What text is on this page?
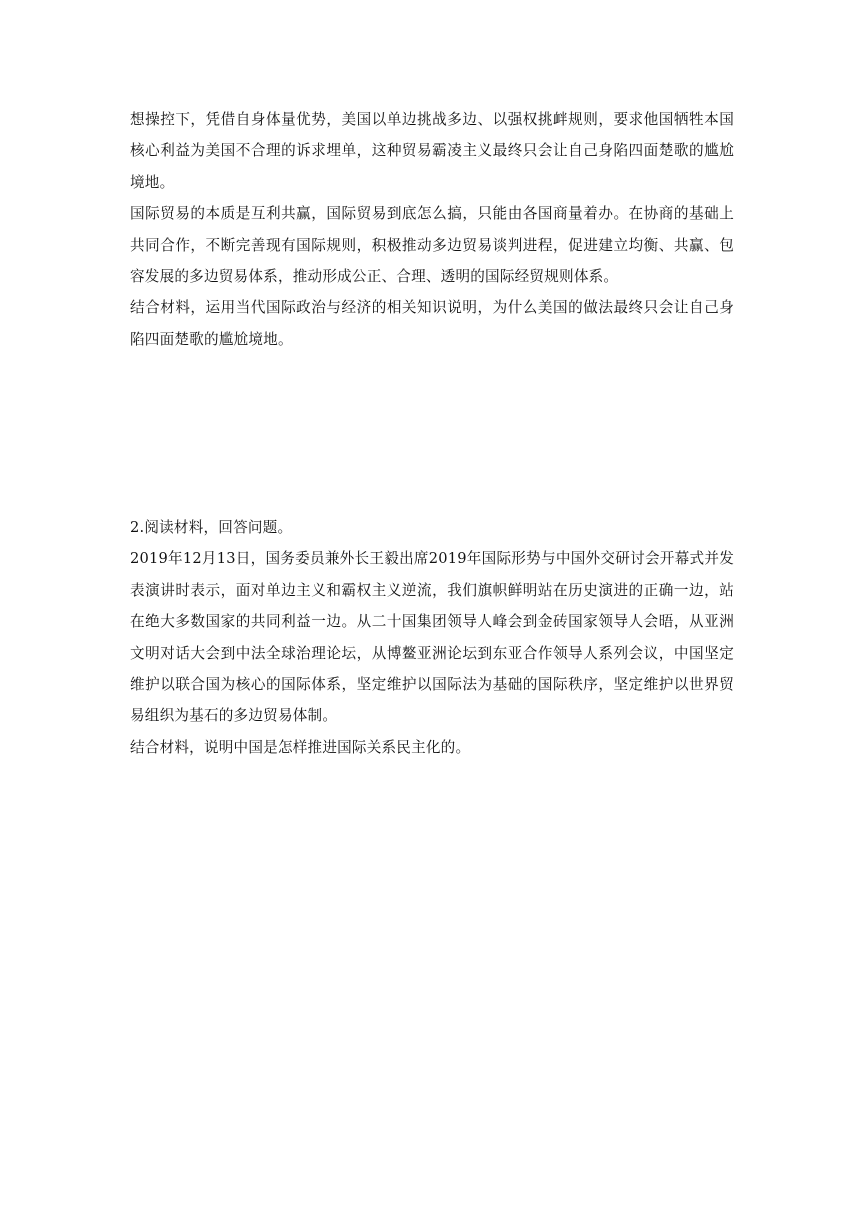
想操控下，凭借自身体量优势，美国以单边挑战多边、以强权挑衅规则，要求他国牺牲本国核心利益为美国不合理的诉求埋单，这种贸易霸凌主义最终只会让自己身陷四面楚歌的尴尬境地。

国际贸易的本质是互利共赢，国际贸易到底怎么搞，只能由各国商量着办。在协商的基础上共同合作，不断完善现有国际规则，积极推动多边贸易谈判进程，促进建立均衡、共赢、包容发展的多边贸易体系，推动形成公正、合理、透明的国际经贸规则体系。

结合材料，运用当代国际政治与经济的相关知识说明，为什么美国的做法最终只会让自己身陷四面楚歌的尴尬境地。

2.阅读材料，回答问题。

2019年12月13日，国务委员兼外长王毅出席2019年国际形势与中国外交研讨会开幕式并发表演讲时表示，面对单边主义和霸权主义逆流，我们旗帜鲜明站在历史演进的正确一边，站在绝大多数国家的共同利益一边。从二十国集团领导人峰会到金砖国家领导人会晤，从亚洲文明对话大会到中法全球治理论坛，从博鳌亚洲论坛到东亚合作领导人系列会议，中国坚定维护以联合国为核心的国际体系，坚定维护以国际法为基础的国际秩序，坚定维护以世界贸易组织为基石的多边贸易体制。

结合材料，说明中国是怎样推进国际关系民主化的。
